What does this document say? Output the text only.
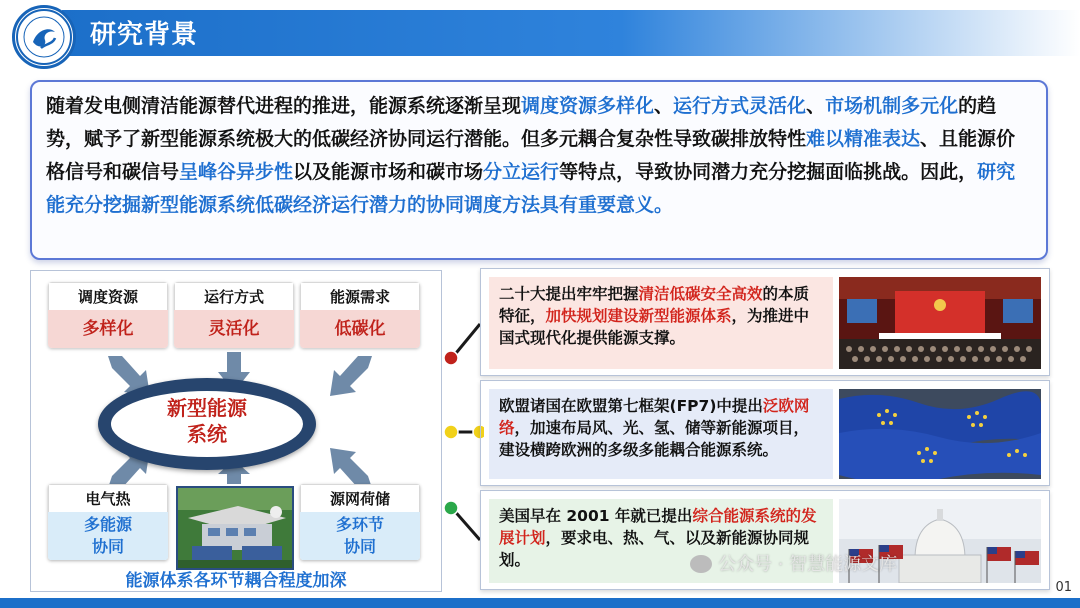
研究背景
随着发电侧清洁能源替代进程的推进，能源系统逐渐呈现调度资源多样化、运行方式灵活化、市场机制多元化的趋势，赋予了新型能源系统极大的低碳经济协同运行潜能。但多元耦合复杂性导致碳排放特性难以精准表达、且能源价格信号和碳信号呈峰谷异步性以及能源市场和碳市场分立运行等特点，导致协同潜力充分挖掘面临挑战。因此，研究能充分挖掘新型能源系统低碳经济运行潜力的协同调度方法具有重要意义。
调度资源
多样化
运行方式
灵活化
能源需求
低碳化
新型能源
系统
电气热
多能源
协同
源网荷储
多环节
协同
能源体系各环节耦合程度加深
二十大提出牢牢把握清洁低碳安全高效的本质特征，加快规划建设新型能源体系，为推进中国式现代化提供能源支撑。
欧盟诸国在欧盟第七框架(FP7)中提出泛欧网络，加速布局风、光、氢、储等新能源项目，建设横跨欧洲的多级多能耦合能源系统。
美国早在 2001 年就已提出综合能源系统的发展计划，要求电、热、气、以及新能源协同规划。	公众号 · 智慧能源文库
01
